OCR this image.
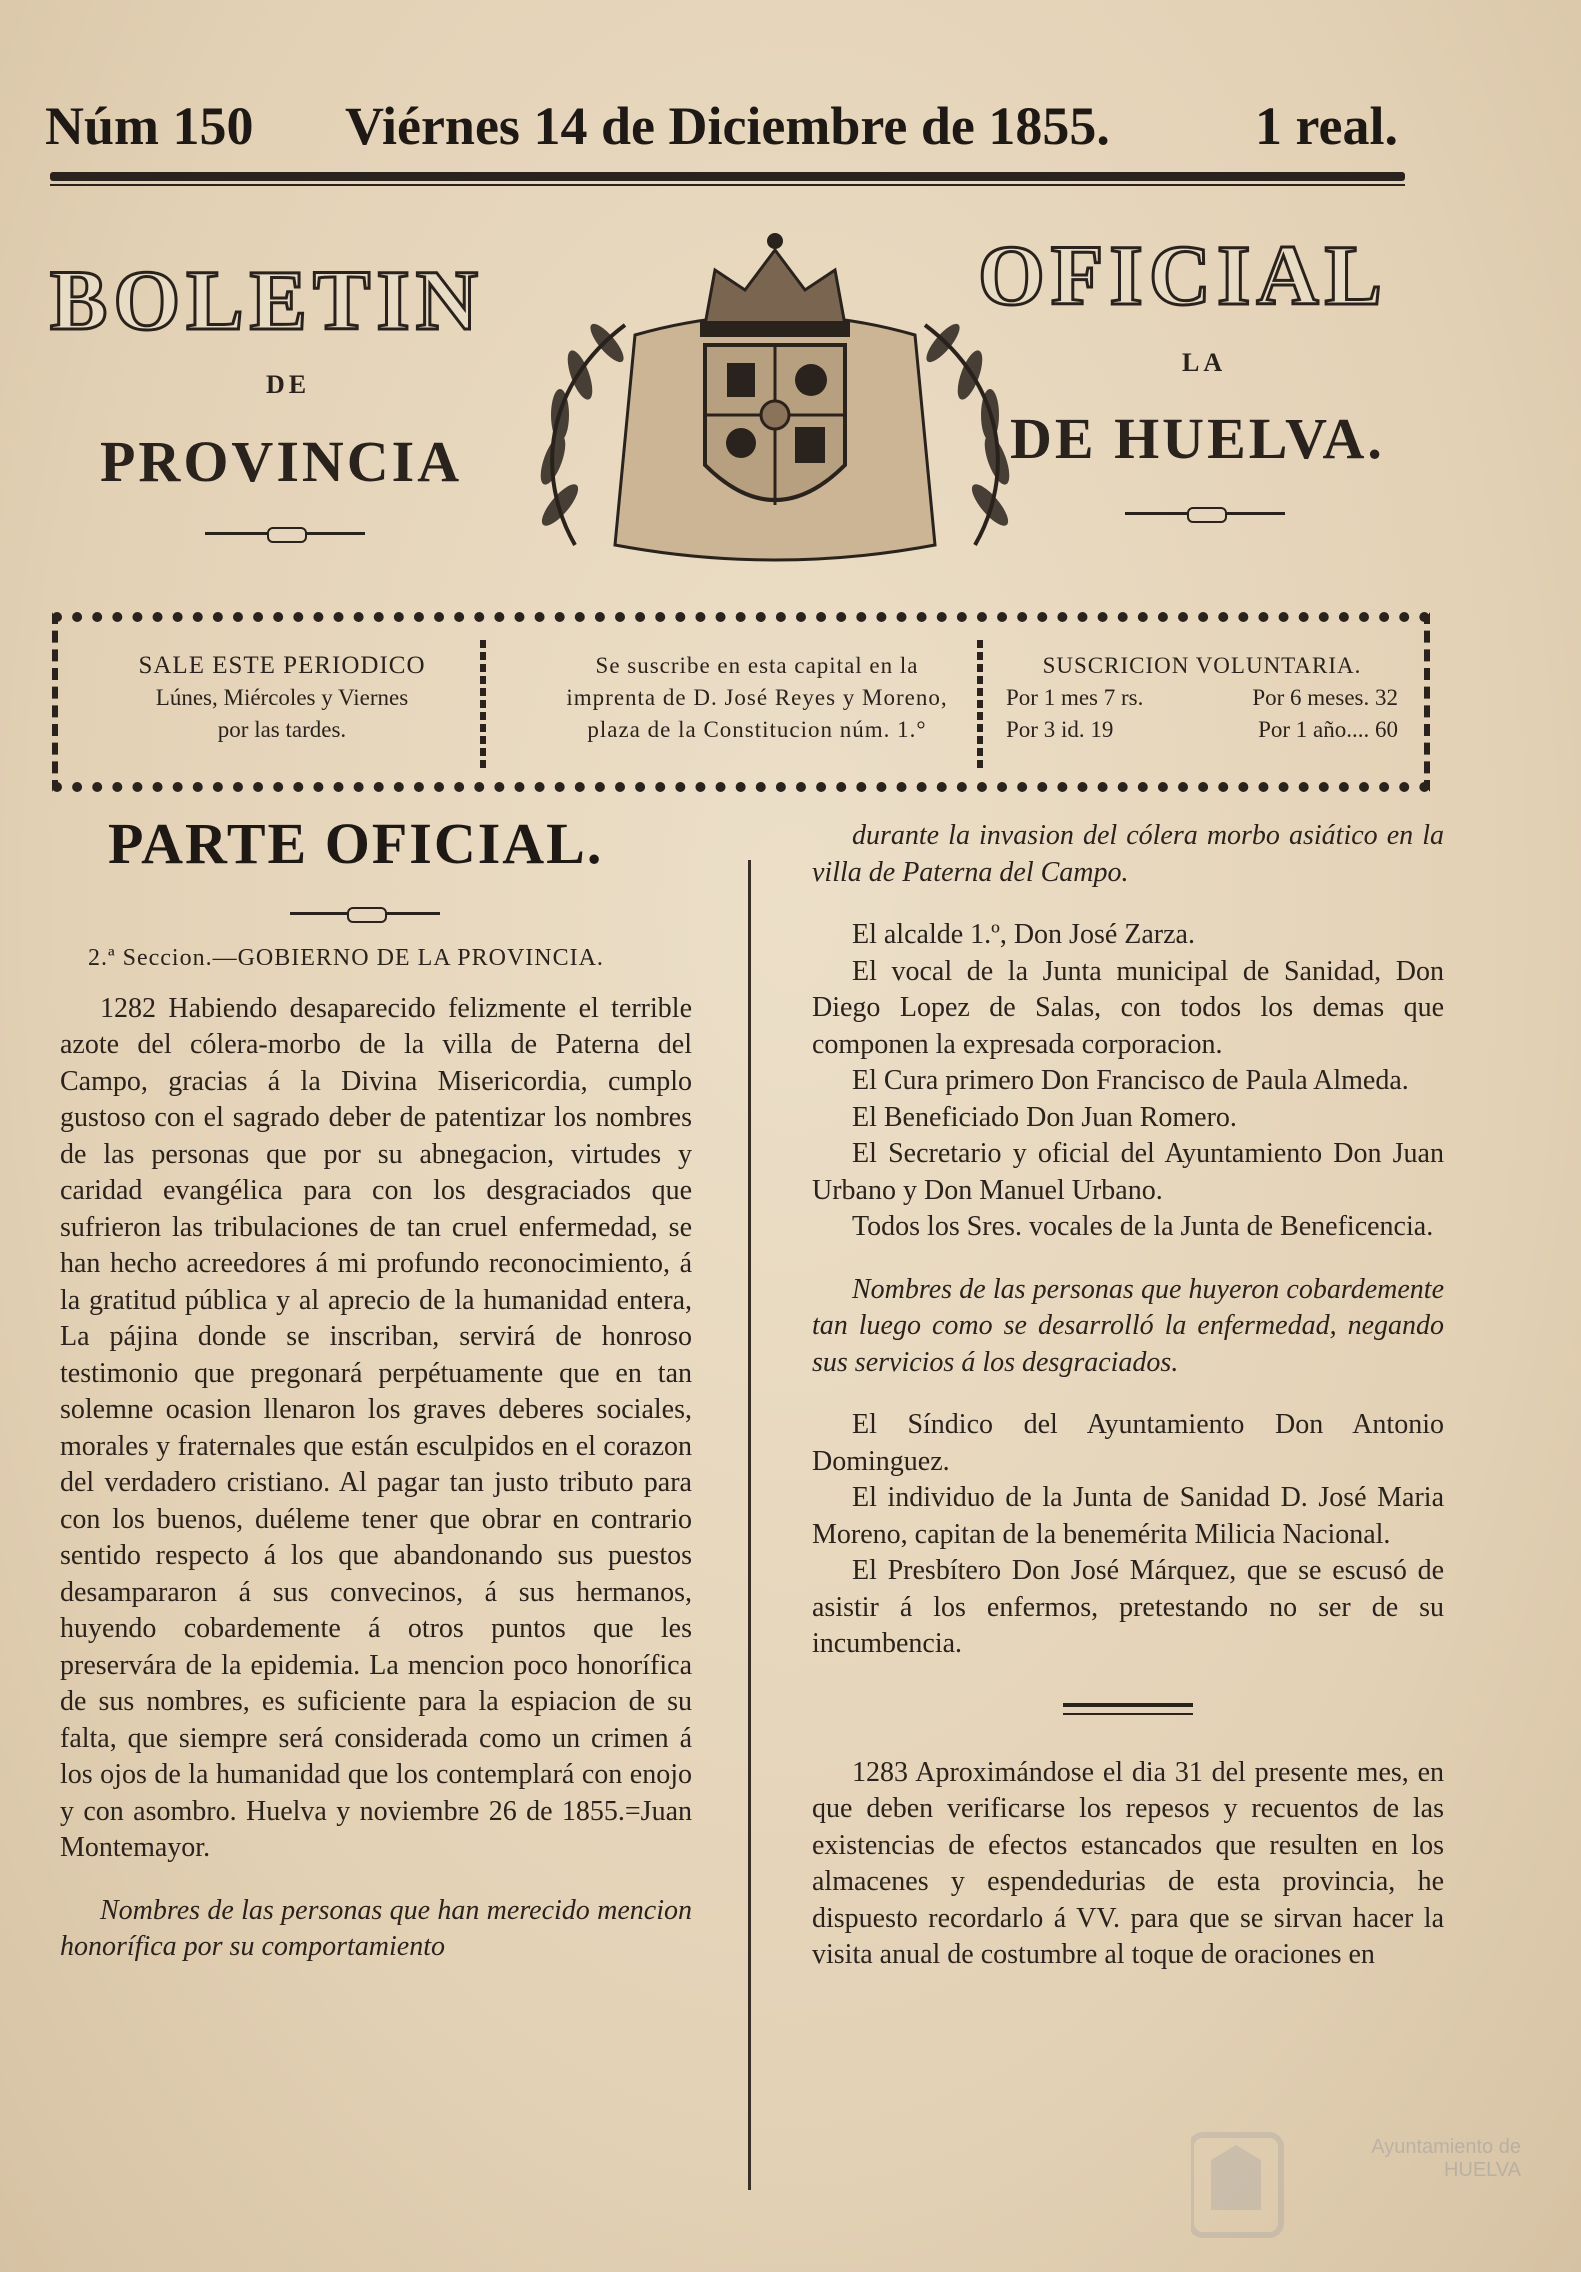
Núm 150 Viérnes 14 de Diciembre de 1855.	1 real.
BOLETIN	OFICIAL
DE
LA
PROVINCIA	DE HUELVA.
SALE ESTE PERIODICO
Lúnes, Miércoles y Viernes
por las tardes.
Se suscribe en esta capital en la
imprenta de D. José Reyes y Moreno,
plaza de la Constitucion núm. 1.°
SUSCRICION VOLUNTARIA.
Por 1 mes 7 rs.	Por 6 meses. 32
Por 3 id. 19	Por 1 año.... 60
PARTE OFICIAL.

2.ª Seccion.—GOBIERNO DE LA PROVINCIA.

1282 Habiendo desaparecido felizmente el terrible azote del cólera-morbo de la villa de Paterna del Campo, gracias á la Divina Misericordia, cumplo gustoso con el sagrado deber de patentizar los nombres de las personas que por su abnegacion, virtudes y caridad evangélica para con los desgraciados que sufrieron las tribulaciones de tan cruel enfermedad, se han hecho acreedores á mi profundo reconocimiento, á la gratitud pública y al aprecio de la humanidad entera, La pájina donde se inscriban, servirá de honroso testimonio que pregonará perpétuamente que en tan solemne ocasion llenaron los graves deberes sociales, morales y fraternales que están esculpidos en el corazon del verdadero cristiano. Al pagar tan justo tributo para con los buenos, duéleme tener que obrar en contrario sentido respecto á los que abandonando sus puestos desampararon á sus convecinos, á sus hermanos, huyendo cobardemente á otros puntos que les preservára de la epidemia. La mencion poco honorífica de sus nombres, es suficiente para la espiacion de su falta, que siempre será considerada como un crimen á los ojos de la humanidad que los contemplará con enojo y con asombro. Huelva y noviembre 26 de 1855.=Juan Montemayor.

Nombres de las personas que han merecido mencion honorífica por su comportamiento

durante la invasion del cólera morbo asiático en la villa de Paterna del Campo.

El alcalde 1.º, Don José Zarza.

El vocal de la Junta municipal de Sanidad, Don Diego Lopez de Salas, con todos los demas que componen la expresada corporacion.

El Cura primero Don Francisco de Paula Almeda.

El Beneficiado Don Juan Romero.

El Secretario y oficial del Ayuntamiento Don Juan Urbano y Don Manuel Urbano.

Todos los Sres. vocales de la Junta de Beneficencia.

Nombres de las personas que huyeron cobardemente tan luego como se desarrolló la enfermedad, negando sus servicios á los desgraciados.

El Síndico del Ayuntamiento Don Antonio Dominguez.

El individuo de la Junta de Sanidad D. José Maria Moreno, capitan de la benemérita Milicia Nacional.

El Presbítero Don José Márquez, que se escusó de asistir á los enfermos, pretestando no ser de su incumbencia.

1283 Aproximándose el dia 31 del presente mes, en que deben verificarse los repesos y recuentos de las existencias de efectos estancados que resulten en los almacenes y espendedurias de esta provincia, he dispuesto recordarlo á VV. para que se sirvan hacer la visita anual de costumbre al toque de oraciones en

Ayuntamiento de HUELVA
